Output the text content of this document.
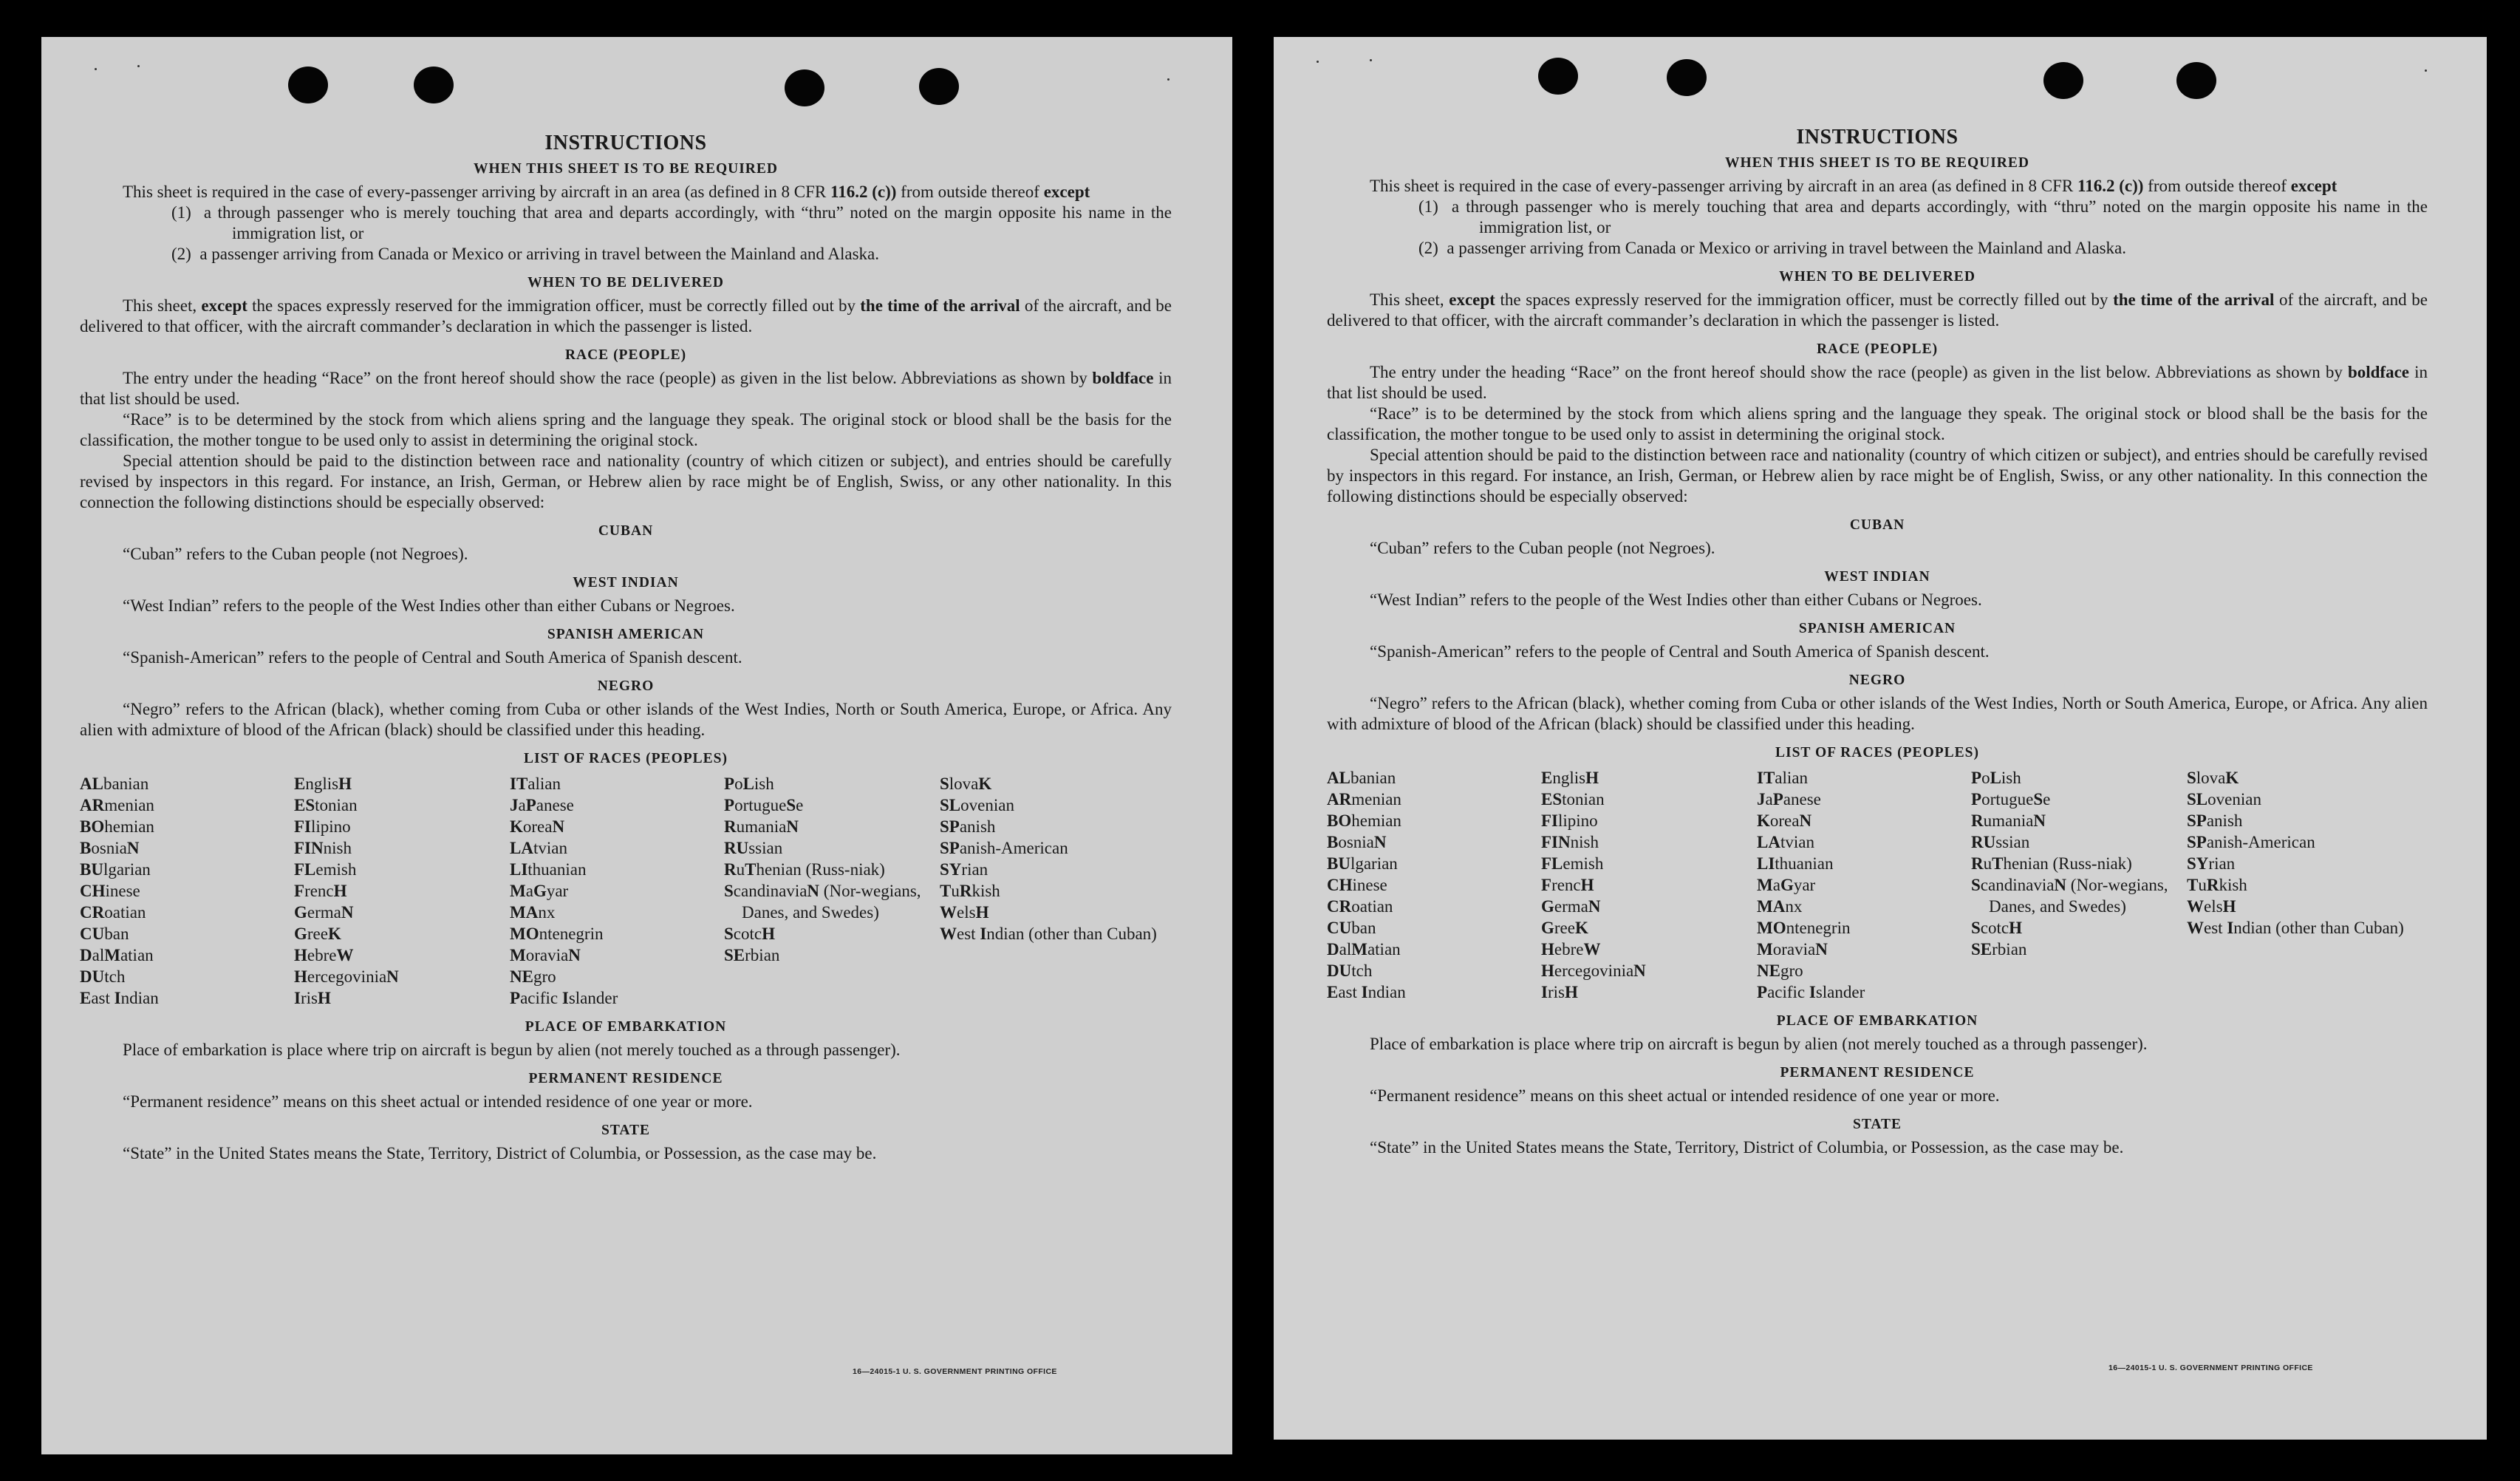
INSTRUCTIONS
WHEN THIS SHEET IS TO BE REQUIRED

This sheet is required in the case of every-passenger arriving by aircraft in an area (as defined in 8 CFR 116.2 (c)) from outside thereof except

(1) a through passenger who is merely touching that area and departs accordingly, with “thru” noted on the margin opposite his name in the immigration list, or
(2) a passenger arriving from Canada or Mexico or arriving in travel between the Mainland and Alaska.
WHEN TO BE DELIVERED

This sheet, except the spaces expressly reserved for the immigration officer, must be correctly filled out by the time of the arrival of the aircraft, and be delivered to that officer, with the aircraft commander’s declaration in which the passenger is listed.

RACE (PEOPLE)

The entry under the heading “Race” on the front hereof should show the race (people) as given in the list below. Abbreviations as shown by boldface in that list should be used.

“Race” is to be determined by the stock from which aliens spring and the language they speak. The original stock or blood shall be the basis for the classification, the mother tongue to be used only to assist in determining the original stock.

Special attention should be paid to the distinction between race and nationality (country of which citizen or subject), and entries should be carefully revised by inspectors in this regard. For instance, an Irish, German, or Hebrew alien by race might be of English, Swiss, or any other nationality. In this connection the following distinctions should be especially observed:

CUBAN

“Cuban” refers to the Cuban people (not Negroes).

WEST INDIAN

“West Indian” refers to the people of the West Indies other than either Cubans or Negroes.

SPANISH AMERICAN

“Spanish-American” refers to the people of Central and South America of Spanish descent.

NEGRO

“Negro” refers to the African (black), whether coming from Cuba or other islands of the West Indies, North or South America, Europe, or Africa. Any alien with admixture of blood of the African (black) should be classified under this heading.

LIST OF RACES (PEOPLES)
ALbanian
ARmenian
BOhemian
BosniaN
BUlgarian
CHinese
CRoatian
CUban
DalMatian
DUtch
East Indian
EnglisH
EStonian
FIlipino
FINnish
FLemish
FrencH
GermaN
GreeK
HebreW
HercegoviniaN
IrisH
ITalian
JaPanese
KoreaN
LAtvian
LIthuanian
MaGyar
MAnx
MOntenegrin
MoraviaN
NEgro
Pacific Islander
PoLish
PortugueSe
RumaniaN
RUssian
RuThenian (Russ-niak)
ScandinaviaN (Nor-wegians, Danes, and Swedes)
ScotcH
SErbian
SlovaK
SLovenian
SPanish
SPanish-American
SYrian
TuRkish
WelsH
West Indian (other than Cuban)
PLACE OF EMBARKATION

Place of embarkation is place where trip on aircraft is begun by alien (not merely touched as a through passenger).

PERMANENT RESIDENCE

“Permanent residence” means on this sheet actual or intended residence of one year or more.

STATE

“State” in the United States means the State, Territory, District of Columbia, or Possession, as the case may be.

16—24015-1 U. S. GOVERNMENT PRINTING OFFICE
INSTRUCTIONS
WHEN THIS SHEET IS TO BE REQUIRED

This sheet is required in the case of every-passenger arriving by aircraft in an area (as defined in 8 CFR 116.2 (c)) from outside thereof except

(1) a through passenger who is merely touching that area and departs accordingly, with “thru” noted on the margin opposite his name in the immigration list, or
(2) a passenger arriving from Canada or Mexico or arriving in travel between the Mainland and Alaska.
WHEN TO BE DELIVERED

This sheet, except the spaces expressly reserved for the immigration officer, must be correctly filled out by the time of the arrival of the aircraft, and be delivered to that officer, with the aircraft commander’s declaration in which the passenger is listed.

RACE (PEOPLE)

The entry under the heading “Race” on the front hereof should show the race (people) as given in the list below. Abbreviations as shown by boldface in that list should be used.

“Race” is to be determined by the stock from which aliens spring and the language they speak. The original stock or blood shall be the basis for the classification, the mother tongue to be used only to assist in determining the original stock.

Special attention should be paid to the distinction between race and nationality (country of which citizen or subject), and entries should be carefully revised by inspectors in this regard. For instance, an Irish, German, or Hebrew alien by race might be of English, Swiss, or any other nationality. In this connection the following distinctions should be especially observed:

CUBAN

“Cuban” refers to the Cuban people (not Negroes).

WEST INDIAN

“West Indian” refers to the people of the West Indies other than either Cubans or Negroes.

SPANISH AMERICAN

“Spanish-American” refers to the people of Central and South America of Spanish descent.

NEGRO

“Negro” refers to the African (black), whether coming from Cuba or other islands of the West Indies, North or South America, Europe, or Africa. Any alien with admixture of blood of the African (black) should be classified under this heading.

LIST OF RACES (PEOPLES)
ALbanian
ARmenian
BOhemian
BosniaN
BUlgarian
CHinese
CRoatian
CUban
DalMatian
DUtch
East Indian
EnglisH
EStonian
FIlipino
FINnish
FLemish
FrencH
GermaN
GreeK
HebreW
HercegoviniaN
IrisH
ITalian
JaPanese
KoreaN
LAtvian
LIthuanian
MaGyar
MAnx
MOntenegrin
MoraviaN
NEgro
Pacific Islander
PoLish
PortugueSe
RumaniaN
RUssian
RuThenian (Russ-niak)
ScandinaviaN (Nor-wegians, Danes, and Swedes)
ScotcH
SErbian
SlovaK
SLovenian
SPanish
SPanish-American
SYrian
TuRkish
WelsH
West Indian (other than Cuban)
PLACE OF EMBARKATION

Place of embarkation is place where trip on aircraft is begun by alien (not merely touched as a through passenger).

PERMANENT RESIDENCE

“Permanent residence” means on this sheet actual or intended residence of one year or more.

STATE

“State” in the United States means the State, Territory, District of Columbia, or Possession, as the case may be.

16—24015-1 U. S. GOVERNMENT PRINTING OFFICE
